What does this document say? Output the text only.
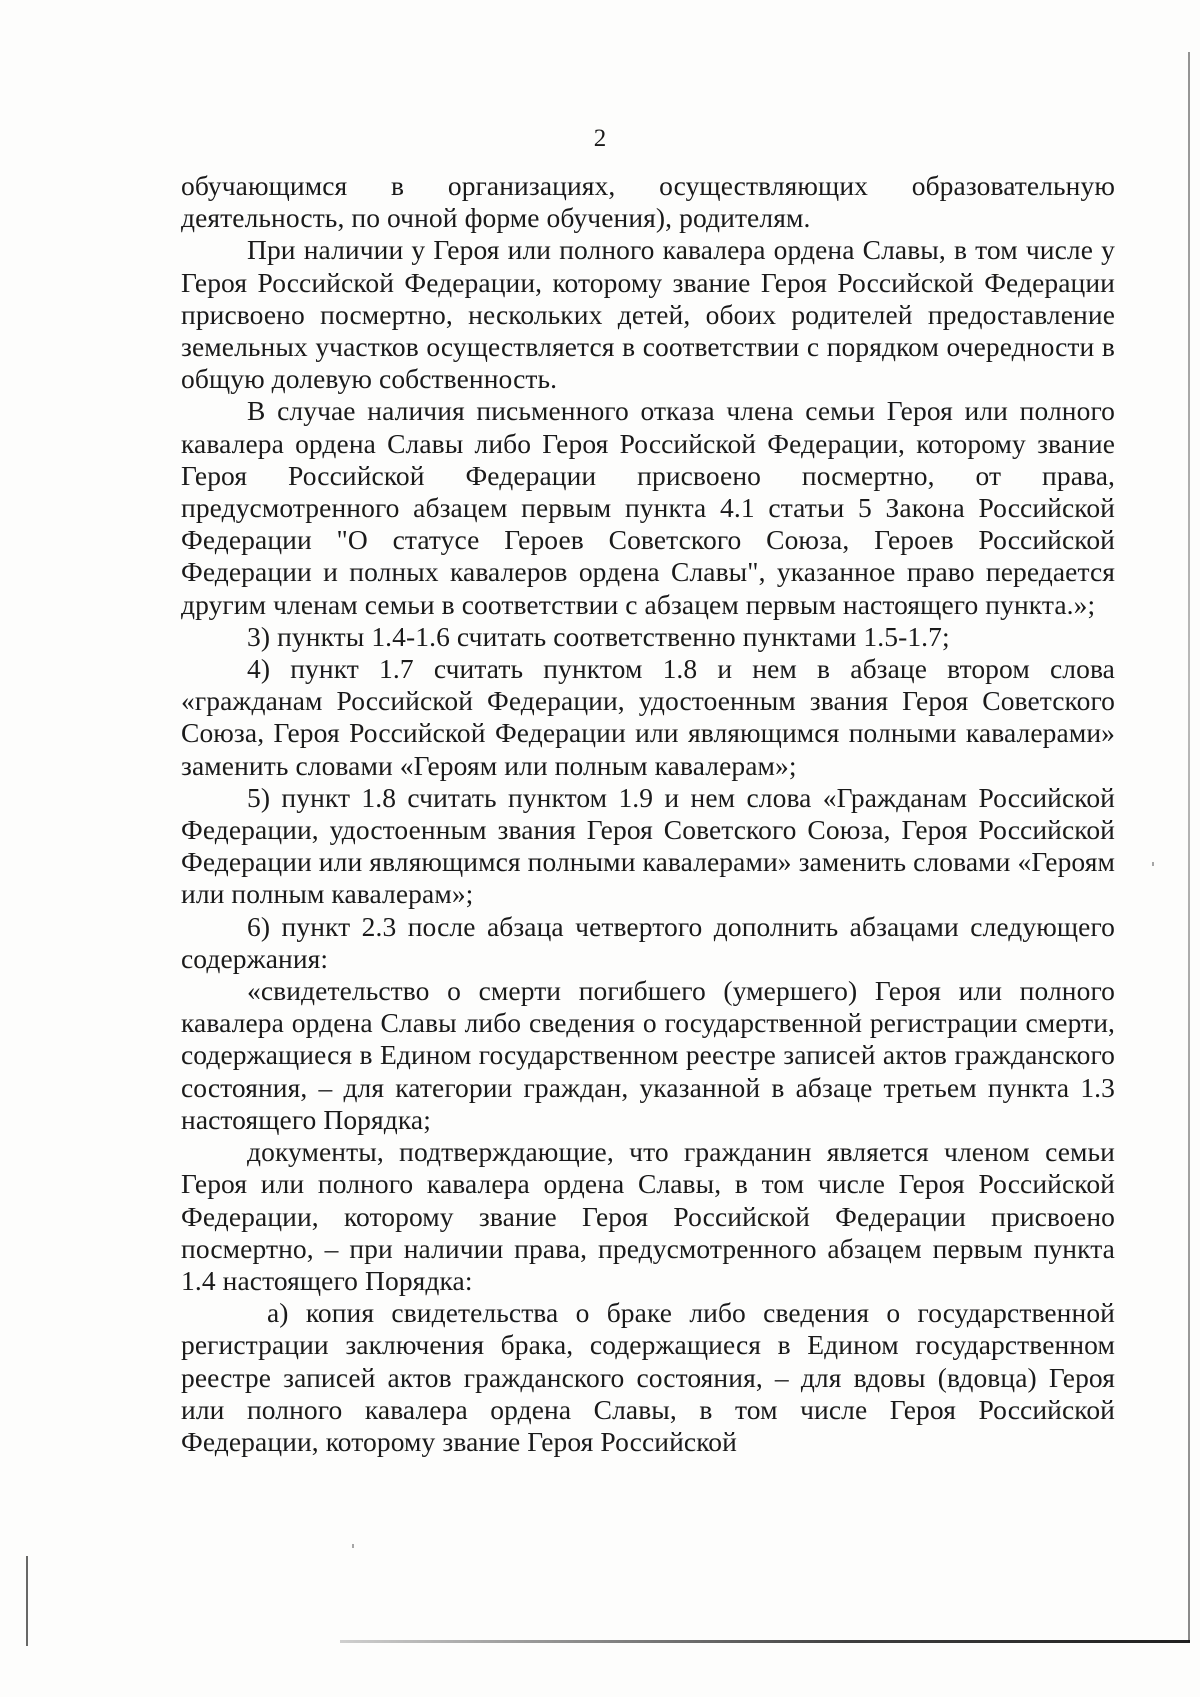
2

обучающимся в организациях, осуществляющих образовательную деятельность, по очной форме обучения), родителям.

При наличии у Героя или полного кавалера ордена Славы, в том числе у Героя Российской Федерации, которому звание Героя Российской Федерации присвоено посмертно, нескольких детей, обоих родителей предоставление земельных участков осуществляется в соответствии с порядком очередности в общую долевую собственность.

В случае наличия письменного отказа члена семьи Героя или полного кавалера ордена Славы либо Героя Российской Федерации, которому звание Героя Российской Федерации присвоено посмертно, от права, предусмотренного абзацем первым пункта 4.1 статьи 5 Закона Российской Федерации "О статусе Героев Советского Союза, Героев Российской Федерации и полных кавалеров ордена Славы", указанное право передается другим членам семьи в соответствии с абзацем первым настоящего пункта.»;

3) пункты 1.4-1.6 считать соответственно пунктами 1.5-1.7;

4) пункт 1.7 считать пунктом 1.8 и нем в абзаце втором слова «гражданам Российской Федерации, удостоенным звания Героя Советского Союза, Героя Российской Федерации или являющимся полными кавалерами» заменить словами «Героям или полным кавалерам»;

5) пункт 1.8 считать пунктом 1.9 и нем слова «Гражданам Российской Федерации, удостоенным звания Героя Советского Союза, Героя Российской Федерации или являющимся полными кавалерами» заменить словами «Героям или полным кавалерам»;

6) пункт 2.3 после абзаца четвертого дополнить абзацами следующего содержания:

«свидетельство о смерти погибшего (умершего) Героя или полного кавалера ордена Славы либо сведения о государственной регистрации смерти, содержащиеся в Едином государственном реестре записей актов гражданского состояния, – для категории граждан, указанной в абзаце третьем пункта 1.3 настоящего Порядка;

документы, подтверждающие, что гражданин является членом семьи Героя или полного кавалера ордена Славы, в том числе Героя Российской Федерации, которому звание Героя Российской Федерации присвоено посмертно, – при наличии права, предусмотренного абзацем первым пункта 1.4 настоящего Порядка:

а) копия свидетельства о браке либо сведения о государственной регистрации заключения брака, содержащиеся в Едином государственном реестре записей актов гражданского состояния, – для вдовы (вдовца) Героя или полного кавалера ордена Славы, в том числе Героя Российской Федерации, которому звание Героя Российской
